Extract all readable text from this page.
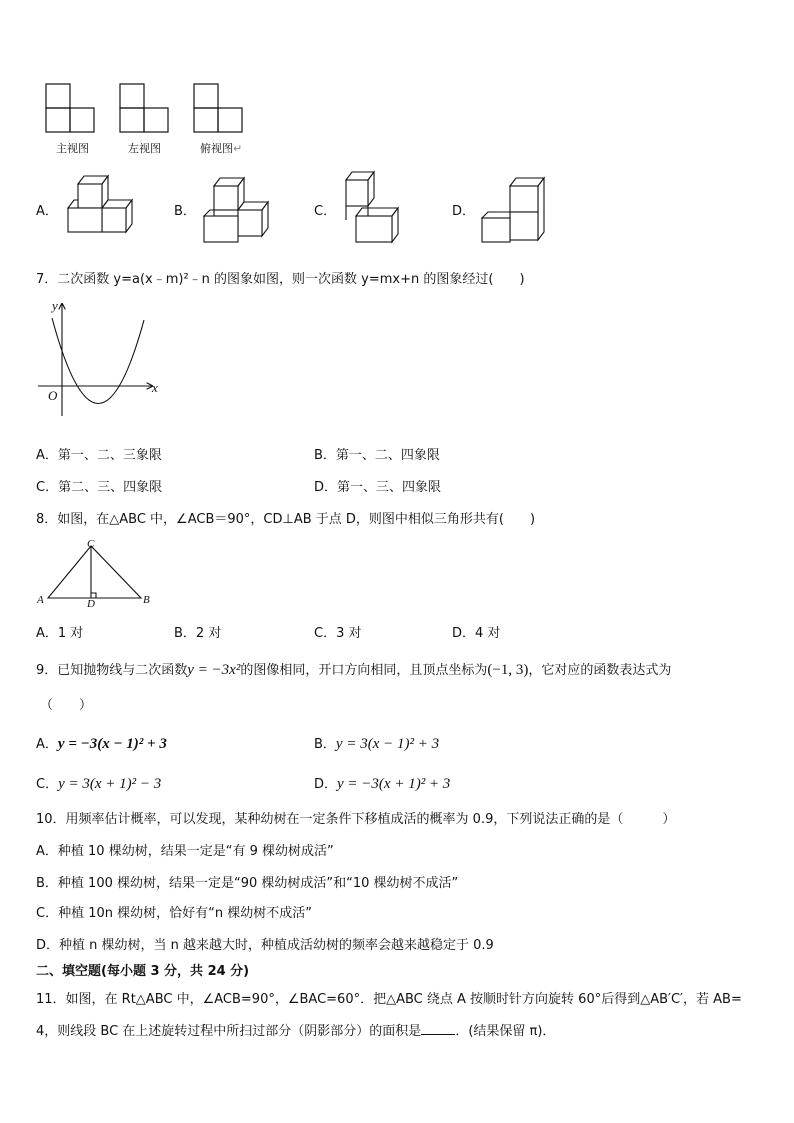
主视图	左视图	俯视图↵
A．	B．	C．	D．
7．二次函数 y=a(x﹣m)²﹣n 的图象如图，则一次函数 y=mx+n 的图象经过(　　)
y
x
O
A．第一、二、三象限	B．第一、二、四象限
C．第二、三、四象限	D．第一、三、四象限
8．如图，在△ABC 中，∠ACB＝90°，CD⊥AB 于点 D，则图中相似三角形共有(　　)
C
A	D	B
A．1 对	B．2 对	C．3 对	D．4 对
9．已知抛物线与二次函数y = −3x²的图像相同，开口方向相同，且顶点坐标为(−1, 3)，它对应的函数表达式为
（　　）
A．y = −3(x − 1)² + 3	B．y = 3(x − 1)² + 3
C．y = 3(x + 1)² − 3	D．y = −3(x + 1)² + 3
10．用频率估计概率，可以发现，某种幼树在一定条件下移植成活的概率为 0.9，下列说法正确的是（　　　）
A．种植 10 棵幼树，结果一定是“有 9 棵幼树成活”
B．种植 100 棵幼树，结果一定是“90 棵幼树成活”和“10 棵幼树不成活”
C．种植 10n 棵幼树，恰好有“n 棵幼树不成活”
D．种植 n 棵幼树，当 n 越来越大时，种植成活幼树的频率会越来越稳定于 0.9
二、填空题(每小题 3 分，共 24 分)
11．如图，在 Rt△ABC 中，∠ACB=90°，∠BAC=60°．把△ABC 绕点 A 按顺时针方向旋转 60°后得到△AB′C′，若 AB=
4，则线段 BC 在上述旋转过程中所扫过部分（阴影部分）的面积是	．(结果保留 π)．
